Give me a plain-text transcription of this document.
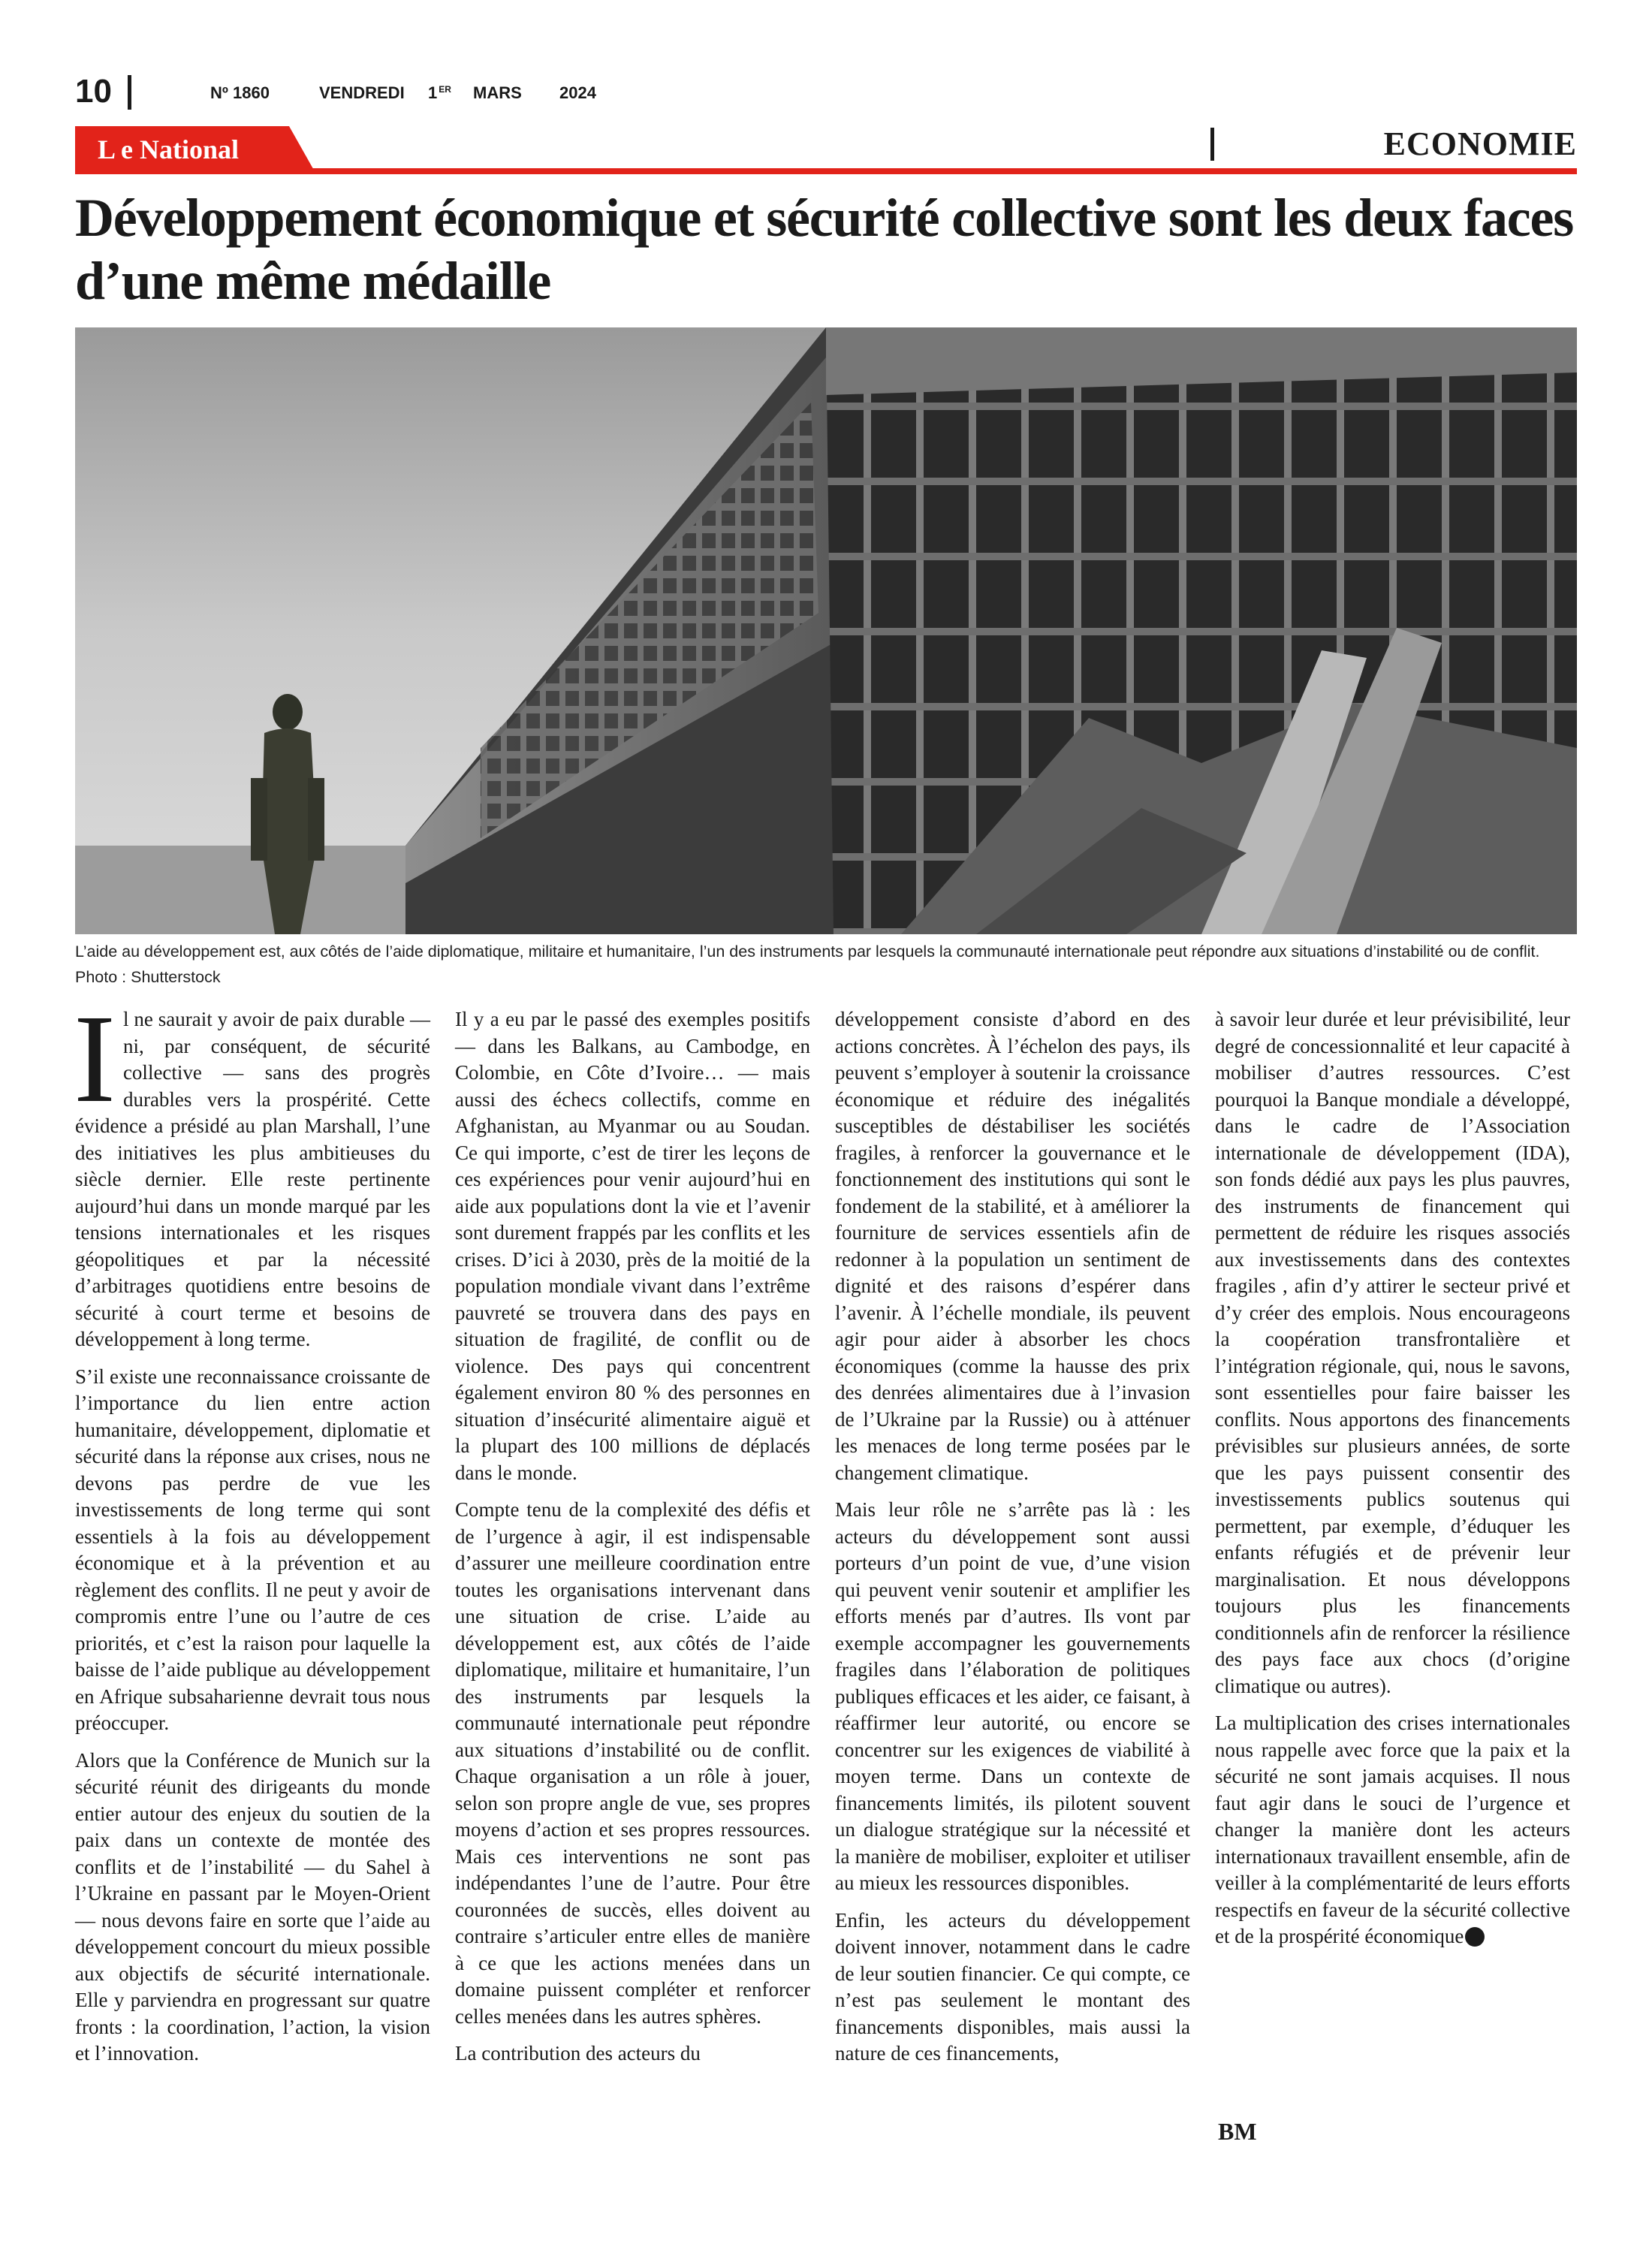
10	Nº 1860	VENDREDI 1 $^{ER}$ MARS 2024
L e National	ECONOMIE
Développement économique et sécurité collective sont les deux faces d’une même médaille

L’aide au développement est, aux côtés de l’aide diplomatique, militaire et humanitaire, l’un des instruments par lesquels la communauté internationale peut répondre aux situations d’instabilité ou de conflit. Photo : Shutterstock

Il ne saurait y avoir de paix durable — ni, par conséquent, de sécurité collective — sans des progrès durables vers la prospérité. Cette évidence a présidé au plan Marshall, l’une des initiatives les plus ambitieuses du siècle dernier. Elle reste pertinente aujourd’hui dans un monde marqué par les tensions internationales et les risques géopolitiques et par la nécessité d’arbitrages quotidiens entre besoins de sécurité à court terme et besoins de développement à long terme.

S’il existe une reconnaissance croissante de l’importance du lien entre action humanitaire, développement, diplomatie et sécurité dans la réponse aux crises, nous ne devons pas perdre de vue les investissements de long terme qui sont essentiels à la fois au développement économique et à la prévention et au règlement des conflits. Il ne peut y avoir de compromis entre l’une ou l’autre de ces priorités, et c’est la raison pour laquelle la baisse de l’aide publique au développement en Afrique subsaharienne devrait tous nous préoccuper.

Alors que la Conférence de Munich sur la sécurité réunit des dirigeants du monde entier autour des enjeux du soutien de la paix dans un contexte de montée des conflits et de l’instabilité — du Sahel à l’Ukraine en passant par le Moyen-Orient — nous devons faire en sorte que l’aide au développement concourt du mieux possible aux objectifs de sécurité internationale. Elle y parviendra en progressant sur quatre fronts : la coordination, l’action, la vision et l’innovation.

Il y a eu par le passé des exemples positifs — dans les Balkans, au Cambodge, en Colombie, en Côte d’Ivoire… — mais aussi des échecs collectifs, comme en Afghanistan, au Myanmar ou au Soudan. Ce qui importe, c’est de tirer les leçons de ces expériences pour venir aujourd’hui en aide aux populations dont la vie et l’avenir sont durement frappés par les conflits et les crises. D’ici à 2030, près de la moitié de la population mondiale vivant dans l’extrême pauvreté se trouvera dans des pays en situation de fragilité, de conflit ou de violence. Des pays qui concentrent également environ 80 % des personnes en situation d’insécurité alimentaire aiguë et la plupart des 100 millions de déplacés dans le monde.

Compte tenu de la complexité des défis et de l’urgence à agir, il est indispensable d’assurer une meilleure coordination entre toutes les organisations intervenant dans une situation de crise. L’aide au développement est, aux côtés de l’aide diplomatique, militaire et humanitaire, l’un des instruments par lesquels la communauté internationale peut répondre aux situations d’instabilité ou de conflit. Chaque organisation a un rôle à jouer, selon son propre angle de vue, ses propres moyens d’action et ses propres ressources. Mais ces interventions ne sont pas indépendantes l’une de l’autre. Pour être couronnées de succès, elles doivent au contraire s’articuler entre elles de manière à ce que les actions menées dans un domaine puissent compléter et renforcer celles menées dans les autres sphères.

La contribution des acteurs du

développement consiste d’abord en des actions concrètes. À l’échelon des pays, ils peuvent s’employer à soutenir la croissance économique et réduire des inégalités susceptibles de déstabiliser les sociétés fragiles, à renforcer la gouvernance et le fonctionnement des institutions qui sont le fondement de la stabilité, et à améliorer la fourniture de services essentiels afin de redonner à la population un sentiment de dignité et des raisons d’espérer dans l’avenir. À l’échelle mondiale, ils peuvent agir pour aider à absorber les chocs économiques (comme la hausse des prix des denrées alimentaires due à l’invasion de l’Ukraine par la Russie) ou à atténuer les menaces de long terme posées par le changement climatique.

Mais leur rôle ne s’arrête pas là : les acteurs du développement sont aussi porteurs d’un point de vue, d’une vision qui peuvent venir soutenir et amplifier les efforts menés par d’autres. Ils vont par exemple accompagner les gouvernements fragiles dans l’élaboration de politiques publiques efficaces et les aider, ce faisant, à réaffirmer leur autorité, ou encore se concentrer sur les exigences de viabilité à moyen terme. Dans un contexte de financements limités, ils pilotent souvent un dialogue stratégique sur la nécessité et la manière de mobiliser, exploiter et utiliser au mieux les ressources disponibles.

Enfin, les acteurs du développement doivent innover, notamment dans le cadre de leur soutien financier. Ce qui compte, ce n’est pas seulement le montant des financements disponibles, mais aussi la nature de ces financements,

à savoir leur durée et leur prévisibilité, leur degré de concessionnalité et leur capacité à mobiliser d’autres ressources. C’est pourquoi la Banque mondiale a développé, dans le cadre de l’Association internationale de développement (IDA), son fonds dédié aux pays les plus pauvres, des instruments de financement qui permettent de réduire les risques associés aux investissements dans des contextes fragiles , afin d’y attirer le secteur privé et d’y créer des emplois. Nous encourageons la coopération transfrontalière et l’intégration régionale, qui, nous le savons, sont essentielles pour faire baisser les conflits. Nous apportons des financements prévisibles sur plusieurs années, de sorte que les pays puissent consentir des investissements publics soutenus qui permettent, par exemple, d’éduquer les enfants réfugiés et de prévenir leur marginalisation. Et nous développons toujours plus les financements conditionnels afin de renforcer la résilience des pays face aux chocs (d’origine climatique ou autres).

La multiplication des crises internationales nous rappelle avec force que la paix et la sécurité ne sont jamais acquises. Il nous faut agir dans le souci de l’urgence et changer la manière dont les acteurs internationaux travaillent ensemble, afin de veiller à la complémentarité de leurs efforts respectifs en faveur de la sécurité collective et de la prospérité économique

BM
